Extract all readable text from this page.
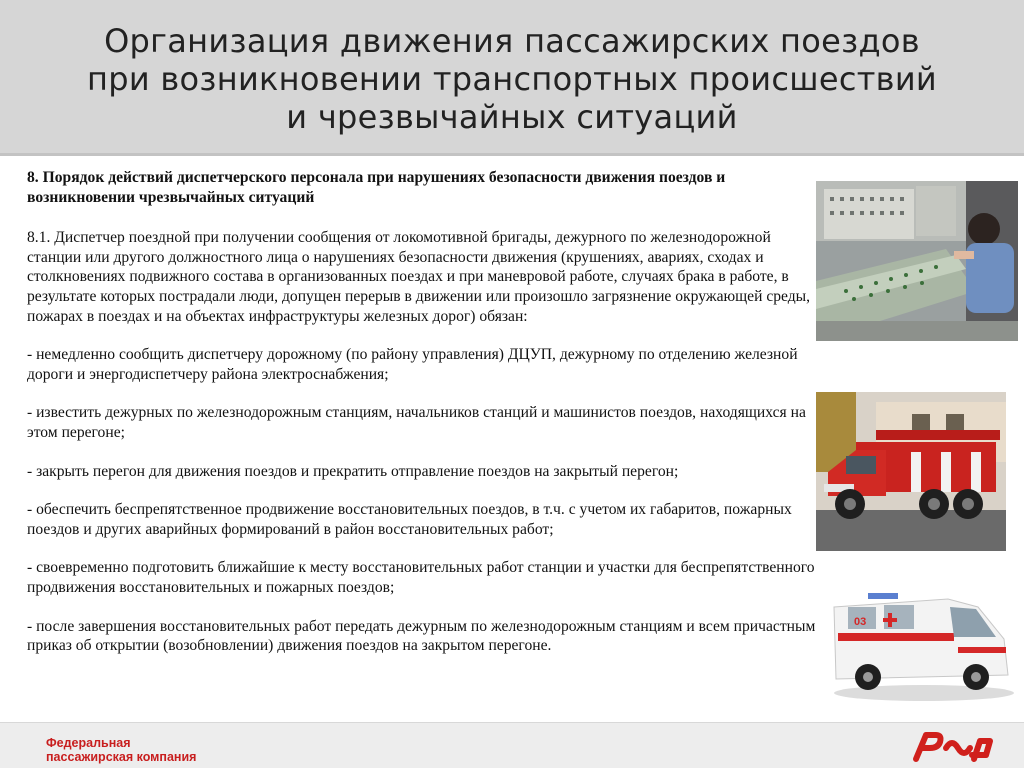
Организация движения пассажирских поездов
при возникновении транспортных происшествий
и чрезвычайных ситуаций
8. Порядок действий диспетчерского персонала при нарушениях безопасности движения поездов и возникновении чрезвычайных ситуаций

8.1. Диспетчер поездной при получении сообщения от локомотивной бригады, дежурного по железнодорожной станции или другого должностного лица о нарушениях безопасности движения (крушениях, авариях, сходах и столкновениях подвижного состава в организованных поездах и при маневровой работе, случаях брака в работе, в результате которых пострадали люди, допущен перерыв в движении или произошло загрязнение окружающей среды, пожарах в поездах и на объектах инфраструктуры железных дорог) обязан:

- немедленно сообщить диспетчеру дорожному (по району управления) ДЦУП, дежурному по отделению железной дороги и энергодиспетчеру района электроснабжения;

- известить дежурных по железнодорожным станциям, начальников станций и машинистов поездов, находящихся на этом перегоне;

- закрыть перегон для движения поездов и прекратить отправление поездов на закрытый перегон;

- обеспечить беспрепятственное продвижение восстановительных поездов, в т.ч. с учетом их габаритов, пожарных поездов и других аварийных формирований в район восстановительных работ;

- своевременно подготовить ближайшие к месту восстановительных работ станции и участки для беспрепятственного продвижения восстановительных и пожарных поездов;

- после завершения восстановительных работ передать дежурным по железнодорожным станциям и всем причастным приказ об открытии (возобновлении) движения поездов на закрытом перегоне.

03
Федеральная
пассажирская компания
